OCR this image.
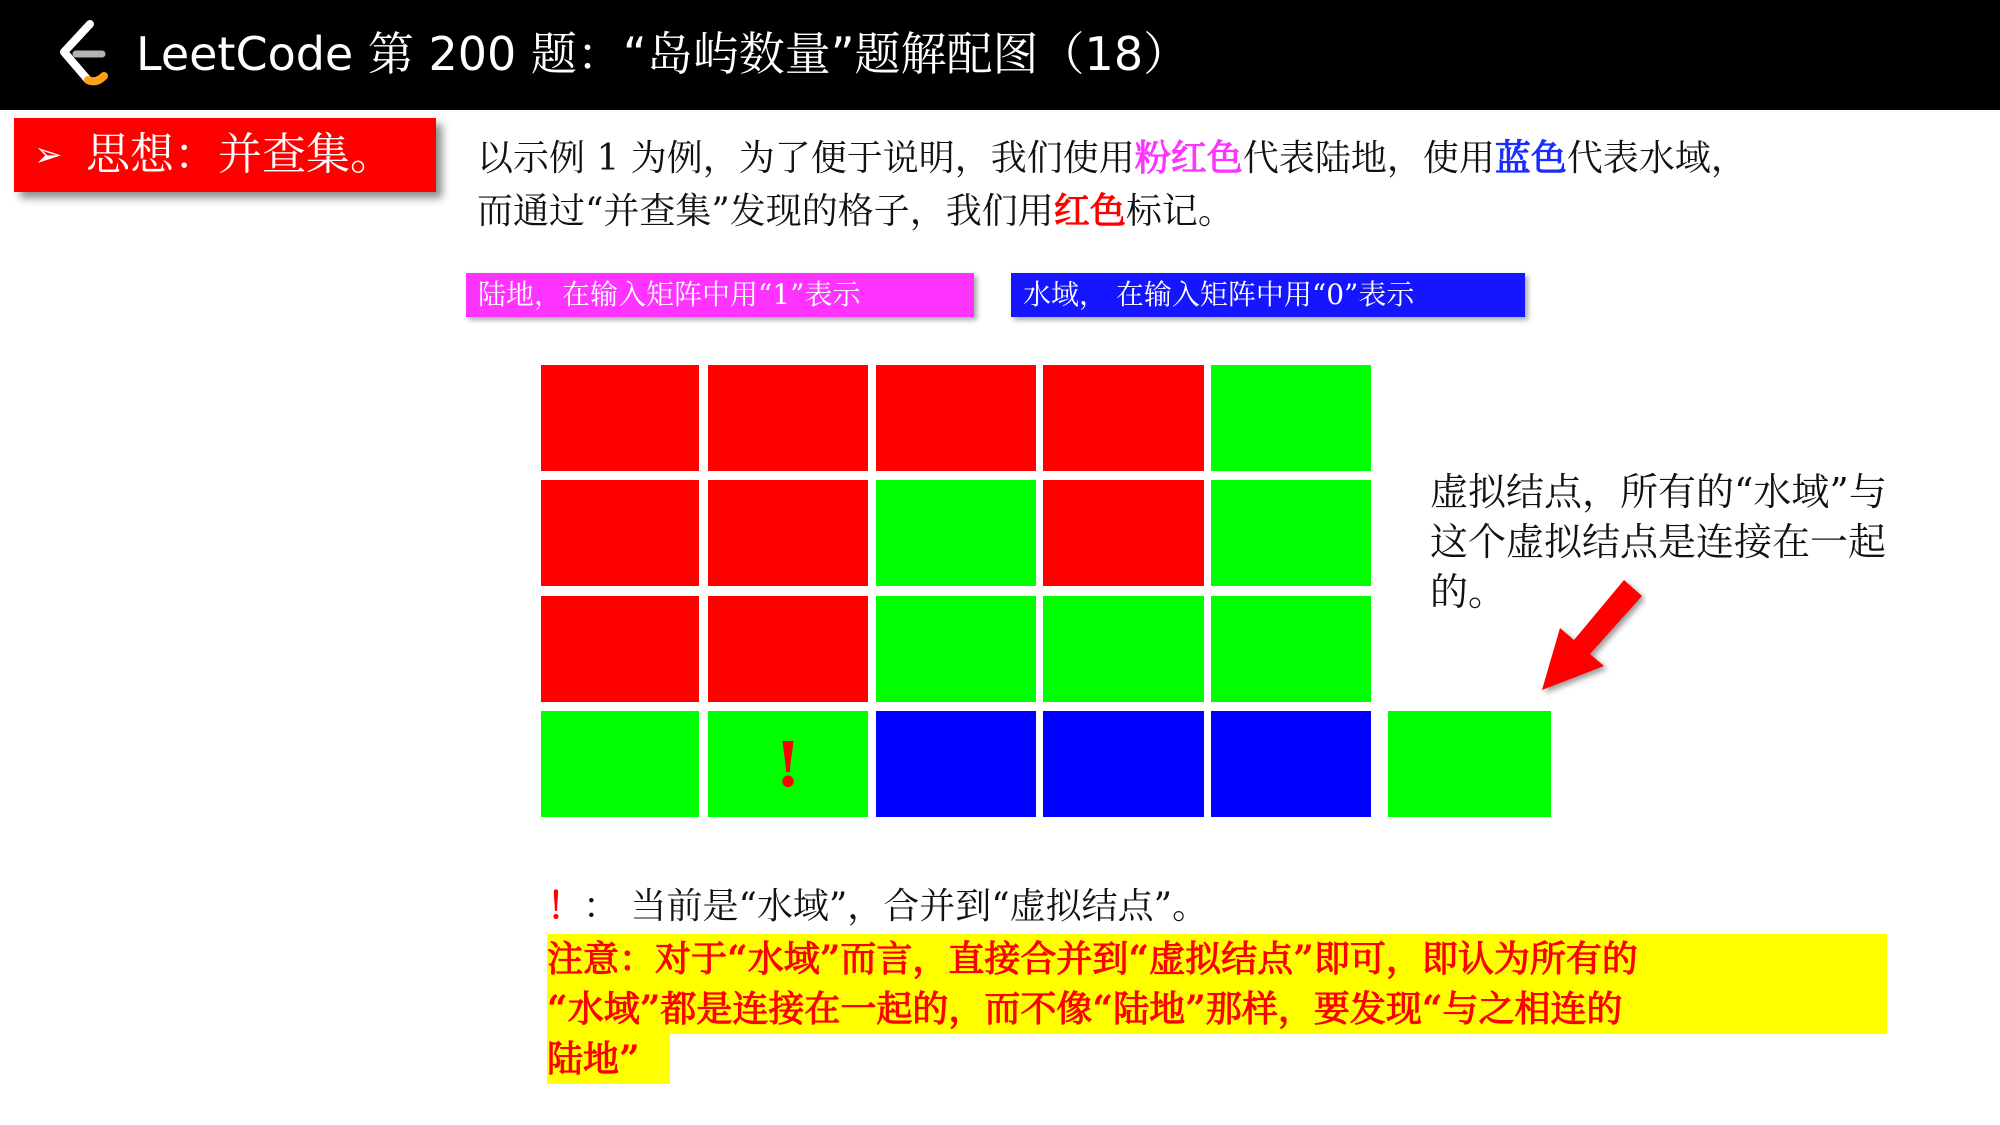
LeetCode 第 200 题：“岛屿数量”题解配图（18）
➢ 思想：并查集。 以示例 1 为例，为了便于说明，我们使用粉红色代表陆地，使用蓝色代表水域，
而通过“并查集”发现的格子，我们用红色标记。
陆地，在输入矩阵中用“1”表示	水域， 在输入矩阵中用“0”表示
!
虚拟结点，所有的“水域”与这个虚拟结点是连接在一起的。
！： 当前是“水域”，合并到“虚拟结点”。
注意：对于“水域”而言，直接合并到“虚拟结点”即可，即认为所有的
“水域”都是连接在一起的，而不像“陆地”那样，要发现“与之相连的
陆地”
